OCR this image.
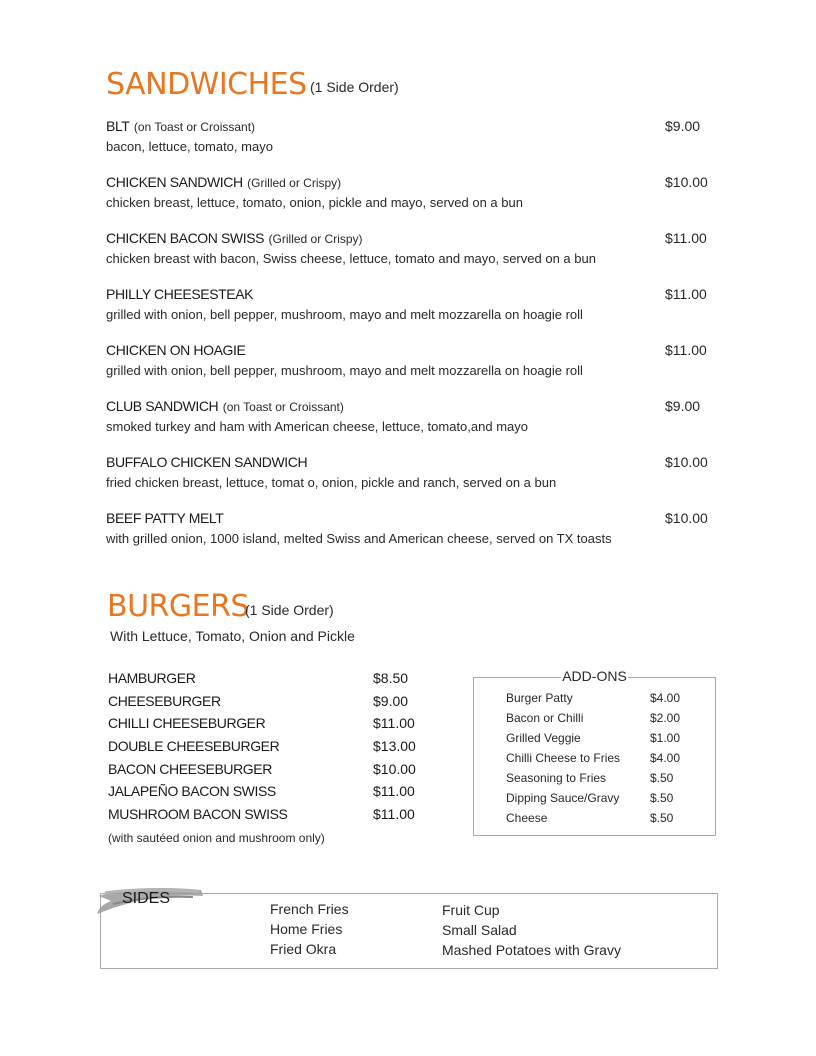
SANDWICHES (1 Side Order)
BLT (on Toast or Croissant)
bacon, lettuce, tomato, mayo
$9.00
CHICKEN SANDWICH (Grilled or Crispy)
chicken breast, lettuce, tomato, onion, pickle and mayo, served on a bun
$10.00
CHICKEN BACON SWISS (Grilled or Crispy)
chicken breast with bacon, Swiss cheese, lettuce, tomato and mayo, served on a bun
$11.00
PHILLY CHEESESTEAK
grilled with onion, bell pepper, mushroom, mayo and melt mozzarella on hoagie roll
$11.00
CHICKEN ON HOAGIE
grilled with onion, bell pepper, mushroom, mayo and melt mozzarella on hoagie roll
$11.00
CLUB SANDWICH (on Toast or Croissant)
smoked turkey and ham with American cheese, lettuce, tomato,and mayo
$9.00
BUFFALO CHICKEN SANDWICH
fried chicken breast, lettuce, tomat o, onion, pickle and ranch, served on a bun
$10.00
BEEF PATTY MELT
with grilled onion, 1000 island, melted Swiss and American cheese, served on TX toasts
$10.00
BURGERS
(1 Side Order)
With Lettuce, Tomato, Onion and Pickle
HAMBURGER	$8.50
CHEESEBURGER	$9.00
CHILLI CHEESEBURGER	$11.00
DOUBLE CHEESEBURGER	$13.00
BACON CHEESEBURGER	$10.00
JALAPEÑO BACON SWISS	$11.00
MUSHROOM BACON SWISS	$11.00
(with sautéed onion and mushroom only)
ADD-ONS
Burger Patty	$4.00
Bacon or Chilli	$2.00
Grilled Veggie	$1.00
Chilli Cheese to Fries $4.00
Seasoning to Fries	$.50
Dipping Sauce/Gravy	$.50
Cheese	$.50
SIDES
French Fries
Home Fries
Fried Okra
Fruit Cup
Small Salad
Mashed Potatoes with Gravy
